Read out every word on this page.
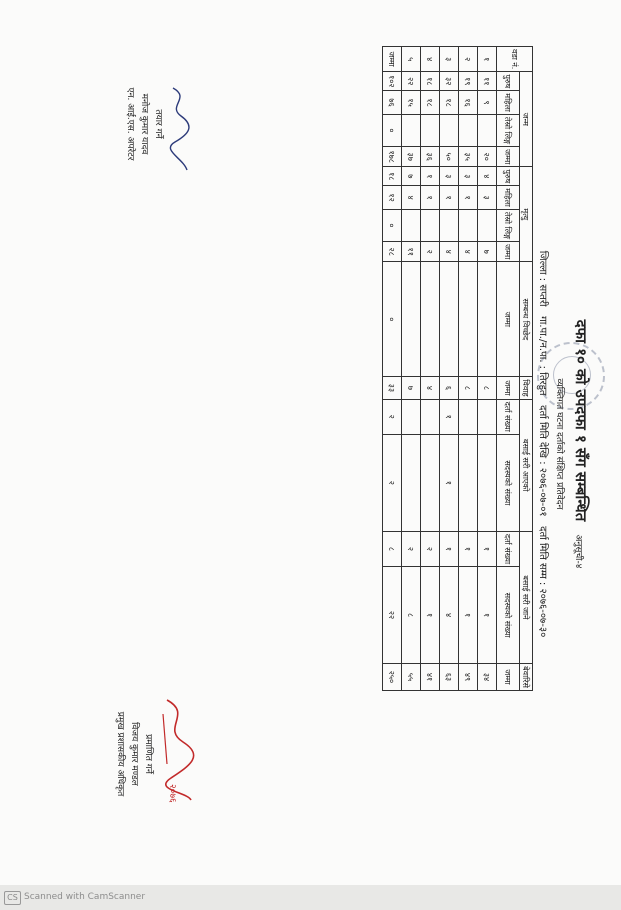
दफा १० को उपदफा १ सँग सम्बन्धित अनुसूची-४
व्यक्तिगत घटना दर्ताको संक्षिप्त प्रतिवेदन
जिल्ला : सप्तरी   गा.पा./न.पा. : तिरहुत   दर्ता मिति देखि : २०७६-०७-०१   दर्ता मिति सम्म : २०७६-०७-३०
वडा नं.	जन्म				मृत्यु				सम्बन्ध विच्छेद	विवाह	बसाई सरी आएको		बसाई सरी जाने		बेवारिसे
	पुरुष	महिला	तेस्रो लिङ्ग	जम्मा	पुरुष	महिला	तेस्रो लिङ्ग	जम्मा	जम्मा	जम्मा	दर्ता संख्या	सदस्यको संख्या	दर्ता संख्या	सदस्यको संख्या	जम्मा
१	११	९		२०	४	३		७		८			१	१	३४
२	१९	१६		३५	३	१		४		८			१	१	४९
३	३२	१८		५०	३	१		४		६	१	१	१	४	६३
४	१८	१८		३६	१	१		२		४			२	१	४१
५	२२	१५		३७	७	४		११		७			२	८	५५
जम्मा	१०२	७६	०	१७८	१८	१२	०	२८	०	३३	२	२	८	२२	२५०
तयार गर्ने
मनोज कुमार यादव
एन. आई.एस. अपरेटर
२०७६
प्रमाणित गर्ने
विजय कुमार मण्डल
प्रमुख प्रशासकीय अधिकृत
CS Scanned with CamScanner
